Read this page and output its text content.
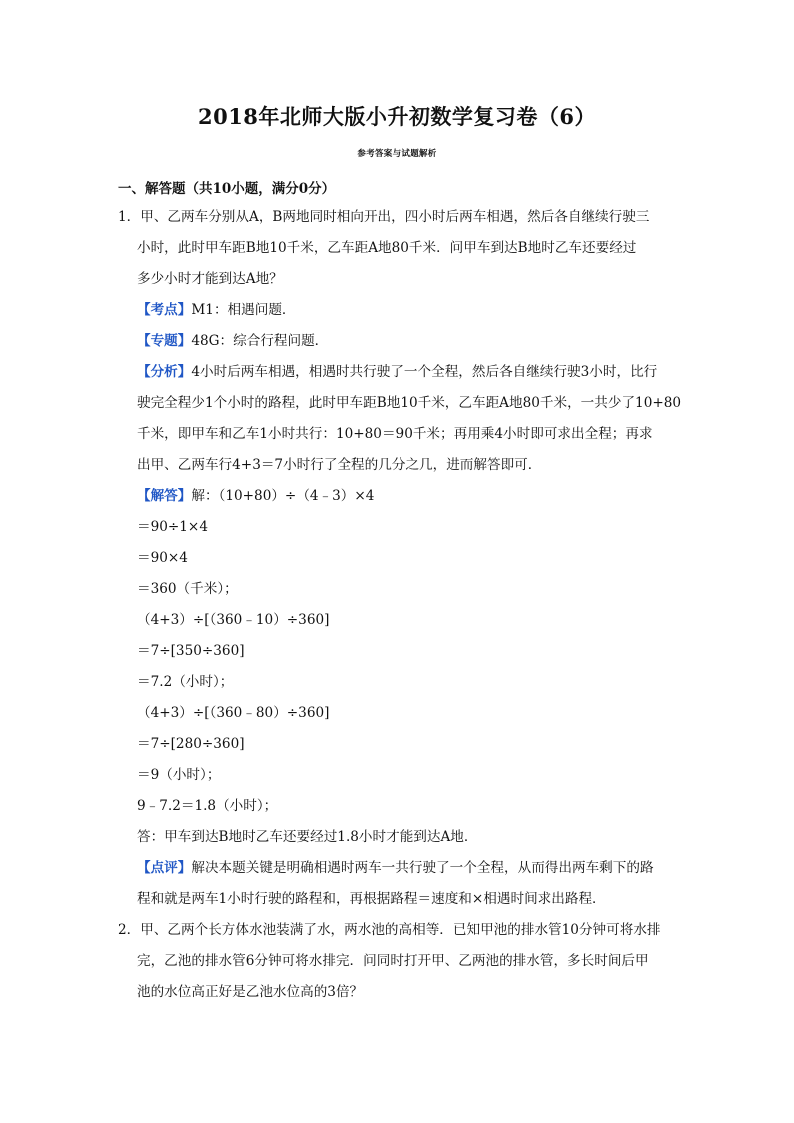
2018年北师大版小升初数学复习卷（6）
参考答案与试题解析
一、解答题（共10小题，满分0分）
1．甲、乙两车分别从A，B两地同时相向开出，四小时后两车相遇，然后各自继续行驶三
小时，此时甲车距B地10千米，乙车距A地80千米．问甲车到达B地时乙车还要经过
多少小时才能到达A地？
【考点】M1：相遇问题．
【专题】48G：综合行程问题．
【分析】4小时后两车相遇，相遇时共行驶了一个全程，然后各自继续行驶3小时，比行
驶完全程少1个小时的路程，此时甲车距B地10千米，乙车距A地80千米，一共少了10+80
千米，即甲车和乙车1小时共行：10+80＝90千米；再用乘4小时即可求出全程；再求
出甲、乙两车行4+3＝7小时行了全程的几分之几，进而解答即可．
【解答】解：（10+80）÷（4﹣3）×4
＝90÷1×4
＝90×4
＝360（千米）；
（4+3）÷[（360﹣10）÷360]
＝7÷[350÷360]
＝7.2（小时）；
（4+3）÷[（360﹣80）÷360]
＝7÷[280÷360]
＝9（小时）；
9﹣7.2＝1.8（小时）；
答：甲车到达B地时乙车还要经过1.8小时才能到达A地．
【点评】解决本题关键是明确相遇时两车一共行驶了一个全程，从而得出两车剩下的路
程和就是两车1小时行驶的路程和，再根据路程＝速度和×相遇时间求出路程．
2．甲、乙两个长方体水池装满了水，两水池的高相等．已知甲池的排水管10分钟可将水排
完，乙池的排水管6分钟可将水排完．问同时打开甲、乙两池的排水管，多长时间后甲
池的水位高正好是乙池水位高的3倍？
